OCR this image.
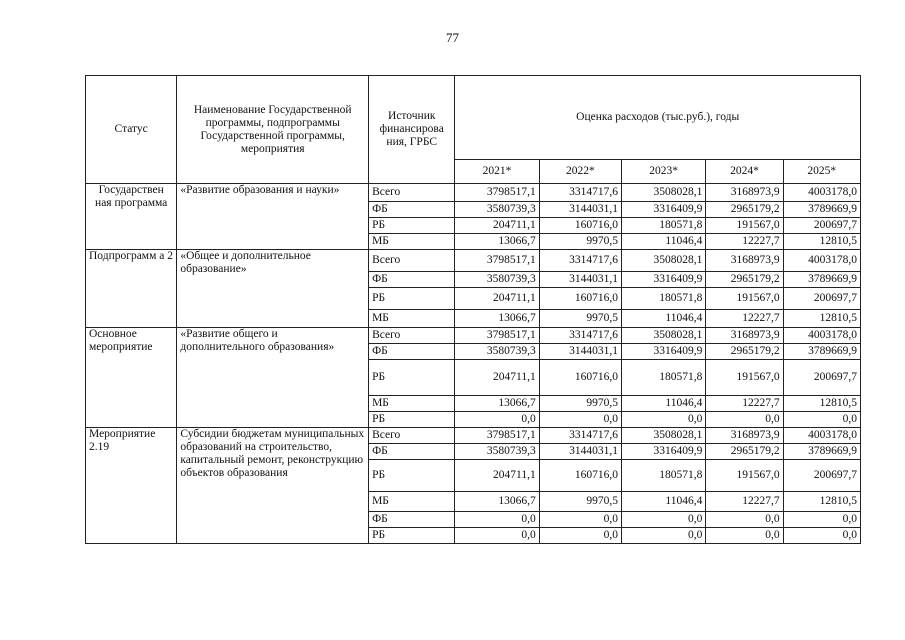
77
Статус	Наименование Государственной программы, подпрограммы Государственной программы, мероприятия	Источник финансирова ния, ГРБС	Оценка расходов (тыс.руб.), годы				
			2021*	2022*	2023*	2024*	2025*

Государствен ная программа	«Развитие образования и науки»	Всего	3798517,1	3314717,6	3508028,1	3168973,9	4003178,0
		ФБ	3580739,3	3144031,1	3316409,9	2965179,2	3789669,9
		РБ	204711,1	160716,0	180571,8	191567,0	200697,7
		МБ	13066,7	9970,5	11046,4	12227,7	12810,5

Подпрограмм а 2	«Общее и дополнительное образование»	Всего	3798517,1	3314717,6	3508028,1	3168973,9	4003178,0
		ФБ	3580739,3	3144031,1	3316409,9	2965179,2	3789669,9
		РБ	204711,1	160716,0	180571,8	191567,0	200697,7
		МБ	13066,7	9970,5	11046,4	12227,7	12810,5

Основное мероприятие	«Развитие общего и дополнительного образования»	Всего	3798517,1	3314717,6	3508028,1	3168973,9	4003178,0
		ФБ	3580739,3	3144031,1	3316409,9	2965179,2	3789669,9
		РБ	204711,1	160716,0	180571,8	191567,0	200697,7
		МБ	13066,7	9970,5	11046,4	12227,7	12810,5
		РБ	0,0	0,0	0,0	0,0	0,0

Мероприятие 2.19	Субсидии бюджетам муниципальных образований на строительство, капитальный ремонт, реконструкцию объектов образования	Всего	3798517,1	3314717,6	3508028,1	3168973,9	4003178,0
		ФБ	3580739,3	3144031,1	3316409,9	2965179,2	3789669,9
		РБ	204711,1	160716,0	180571,8	191567,0	200697,7
		МБ	13066,7	9970,5	11046,4	12227,7	12810,5
		ФБ	0,0	0,0	0,0	0,0	0,0
		РБ	0,0	0,0	0,0	0,0	0,0
